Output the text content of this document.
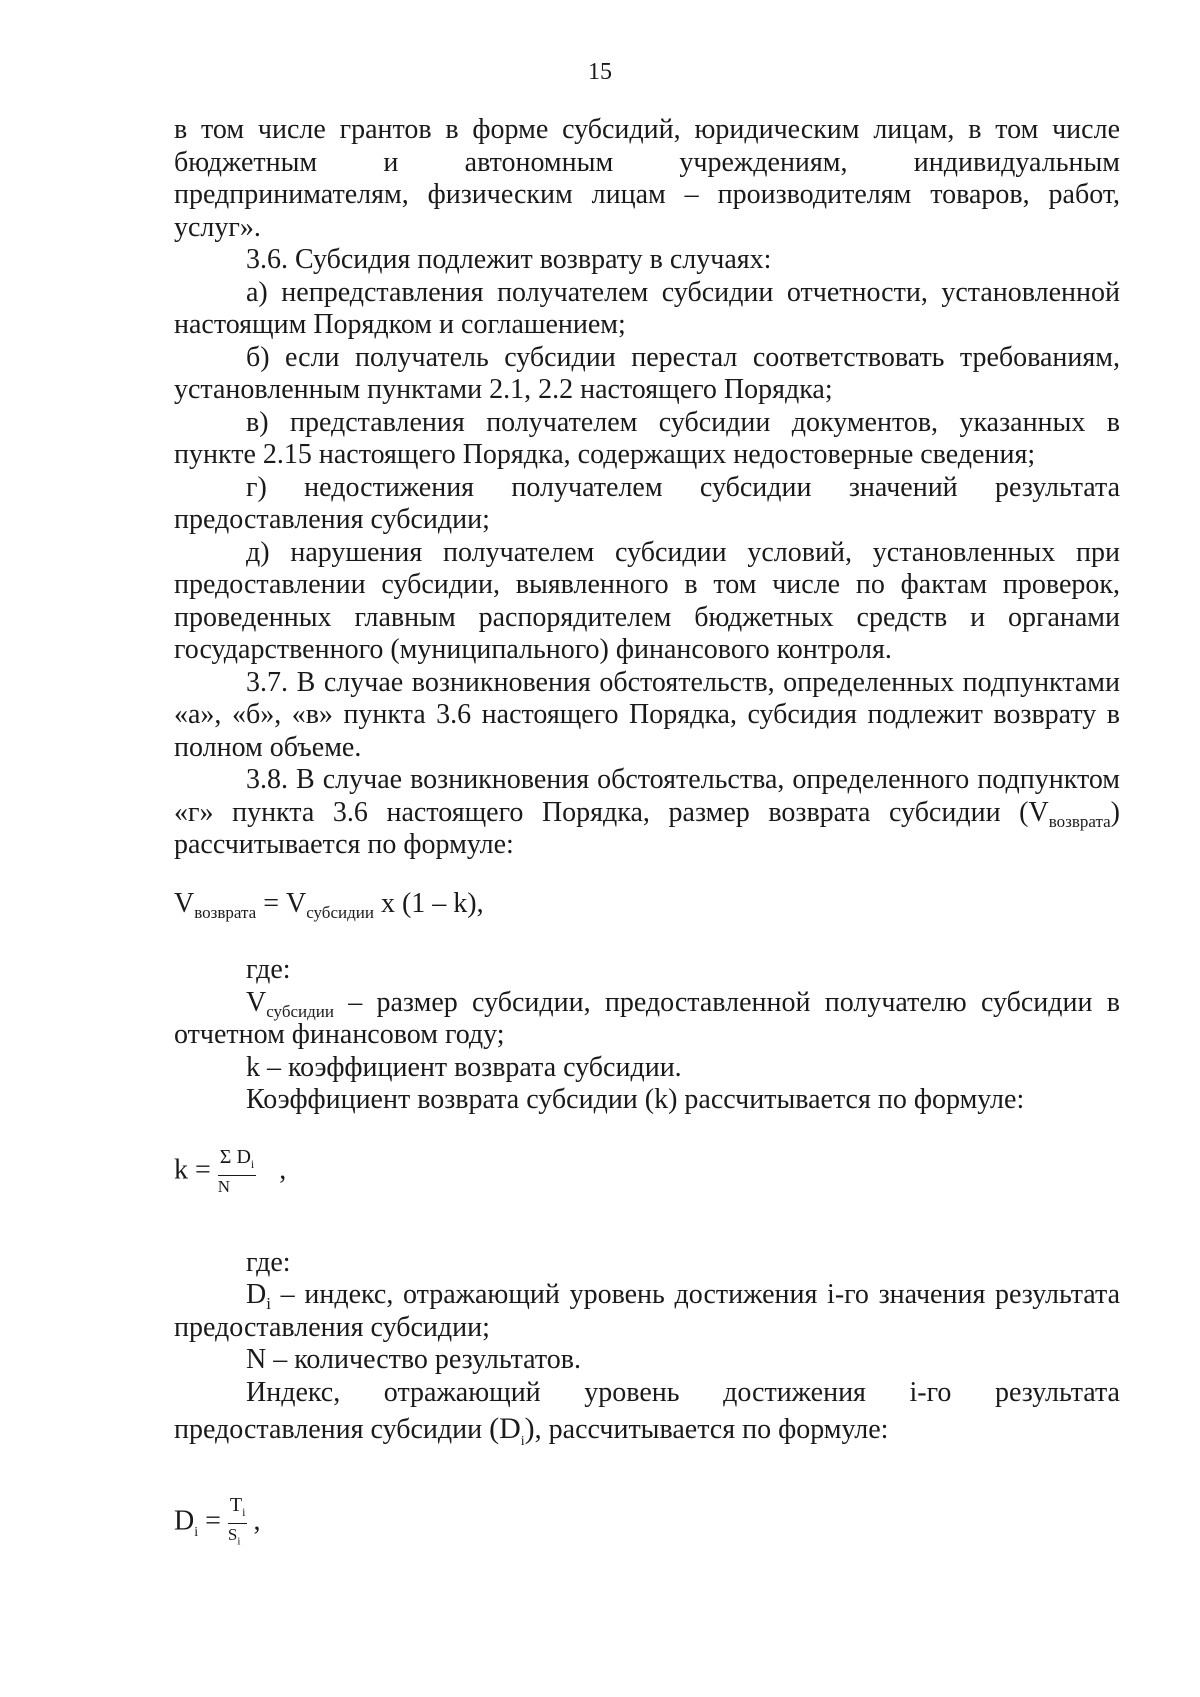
15

в том числе грантов в форме субсидий, юридическим лицам, в том числе бюджетным и автономным учреждениям, индивидуальным предпринимателям, физическим лицам – производителям товаров, работ, услуг».

3.6. Субсидия подлежит возврату в случаях:

а) непредставления получателем субсидии отчетности, установленной настоящим Порядком и соглашением;

б) если получатель субсидии перестал соответствовать требованиям, установленным пунктами 2.1, 2.2 настоящего Порядка;

в) представления получателем субсидии документов, указанных в пункте 2.15 настоящего Порядка, содержащих недостоверные сведения;

г) недостижения получателем субсидии значений результата предоставления субсидии;

д) нарушения получателем субсидии условий, установленных при предоставлении субсидии, выявленного в том числе по фактам проверок, проведенных главным распорядителем бюджетных средств и органами государственного (муниципального) финансового контроля.

3.7. В случае возникновения обстоятельств, определенных подпунктами «а», «б», «в» пункта 3.6 настоящего Порядка, субсидия подлежит возврату в полном объеме.

3.8. В случае возникновения обстоятельства, определенного подпунктом «г» пункта 3.6 настоящего Порядка, размер возврата субсидии $(V_{возврата})$ рассчитывается по формуле:

$V_{возврата} = V_{субсидии}$ x (1 – k),

где:

$V_{субсидии}$ – размер субсидии, предоставленной получателю субсидии в отчетном финансовом году;

k – коэффициент возврата субсидии.

Коэффициент возврата субсидии (k) рассчитывается по формуле:

$k = \frac{\Sigma D_i}{N}$ ,

где:

$D_i$ – индекс, отражающий уровень достижения i-го значения результата предоставления субсидии;

N – количество результатов.

Индекс, отражающий уровень достижения i-го результата

предоставления субсидии $(D_i)$, рассчитывается по формуле:

$D_i = \frac{T_i}{S_i}$ ,
